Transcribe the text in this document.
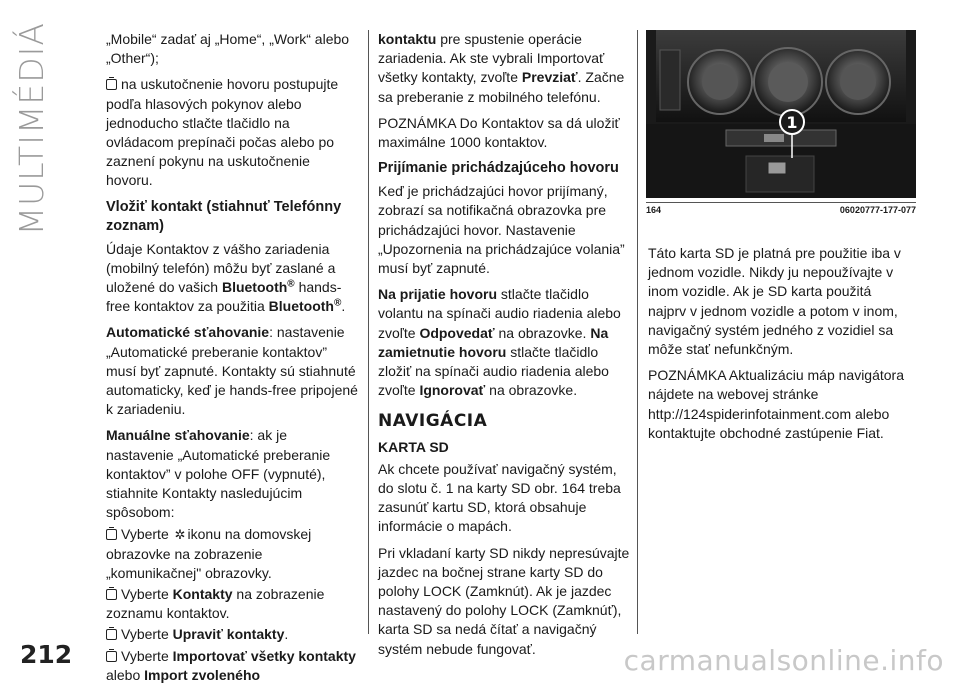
MULTIMÉDIÁ	„Mobile“ zadať aj „Home“, „Work“ alebo „Other“);

na uskutočnenie hovoru postupujte podľa hlasových pokynov alebo jednoducho stlačte tlačidlo na ovládacom prepínači počas alebo po zaznení pokynu na uskutočnenie hovoru.

Vložiť kontakt (stiahnuť Telefónny zoznam)

Údaje Kontaktov z vášho zariadenia (mobilný telefón) môžu byť zaslané a uložené do vašich Bluetooth® hands-free kontaktov za použitia Bluetooth®.

Automatické sťahovanie: nastavenie „Automatické preberanie kontaktov” musí byť zapnuté. Kontakty sú stiahnuté automaticky, keď je hands-free pripojené k zariadeniu.

Manuálne sťahovanie: ak je nastavenie „Automatické preberanie kontaktov” v polohe OFF (vypnuté), stiahnite Kontakty nasledujúcim spôsobom:

Vyberte ✲ ikonu na domovskej obrazovke na zobrazenie „komunikačnej" obrazovky.

Vyberte Kontakty na zobrazenie zoznamu kontaktov.

Vyberte Upraviť kontakty.

Vyberte Importovať všetky kontakty alebo Import zvoleného

kontaktu pre spustenie operácie zariadenia. Ak ste vybrali Importovať všetky kontakty, zvoľte Prevziať. Začne sa preberanie z mobilného telefónu.

POZNÁMKA Do Kontaktov sa dá uložiť maximálne 1000 kontaktov.

Prijímanie prichádzajúceho hovoru

Keď je prichádzajúci hovor prijímaný, zobrazí sa notifikačná obrazovka pre prichádzajúci hovor. Nastavenie „Upozornenia na prichádzajúce volania” musí byť zapnuté.

Na prijatie hovoru stlačte tlačidlo volantu na spínači audio riadenia alebo zvoľte Odpovedať na obrazovke. Na zamietnutie hovoru stlačte tlačidlo zložiť na spínači audio riadenia alebo zvoľte Ignorovať na obrazovke.

NAVIGÁCIA
KARTA SD

Ak chcete používať navigačný systém, do slotu č. 1 na karty SD obr. 164 treba zasunúť kartu SD, ktorá obsahuje informácie o mapách.

Pri vkladaní karty SD nikdy nepresúvajte jazdec na bočnej strane karty SD do polohy LOCK (Zamknút). Ak je jazdec nastavený do polohy LOCK (Zamknúť), karta SD sa nedá čítať a navigačný systém nebude fungovať.

1
164	06020777-177-077

Táto karta SD je platná pre použitie iba v jednom vozidle. Nikdy ju nepoužívajte v inom vozidle. Ak je SD karta použitá najprv v jednom vozidle a potom v inom, navigačný systém jedného z vozidiel sa môže stať nefunkčným.

POZNÁMKA Aktualizáciu máp navigátora nájdete na webovej stránke http://124spiderinfotainment.com alebo kontaktujte obchodné zastúpenie Fiat.

212	carmanualsonline.info
